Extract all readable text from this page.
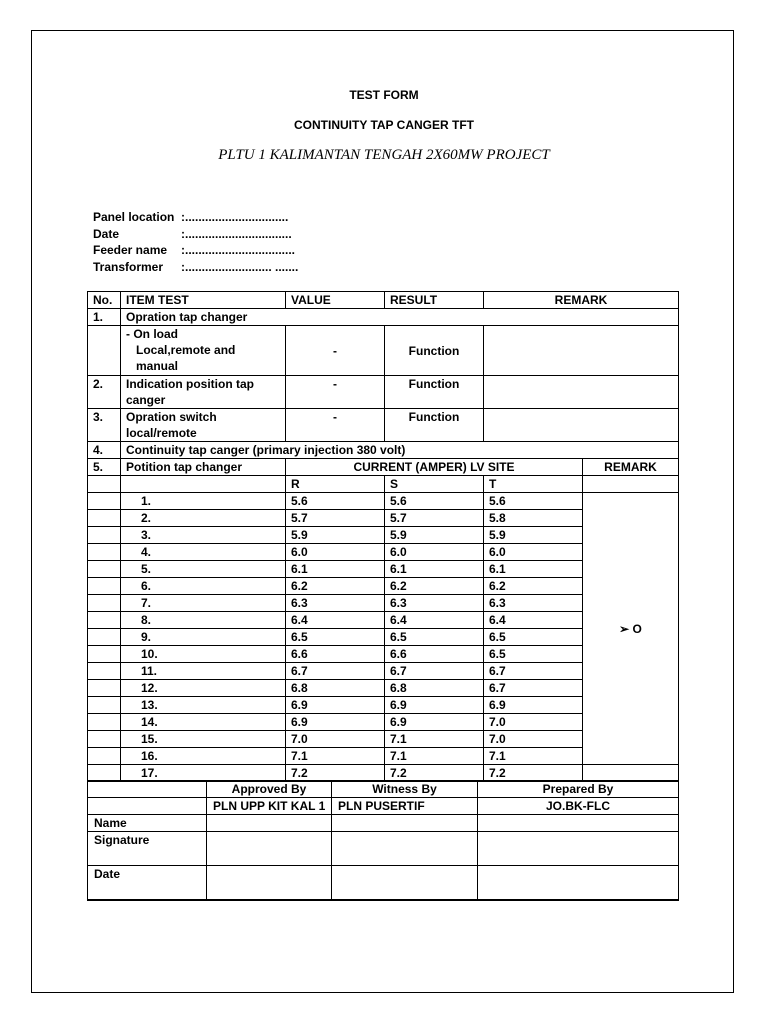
TEST FORM
CONTINUITY TAP CANGER TFT
PLTU 1 KALIMANTAN TENGAH 2X60MW PROJECT
Panel location :...............................
Date	:................................
Feeder name :.................................
Transformer :.......................... .......
No.	ITEM TEST	VALUE	RESULT	REMARK	
1.	Opration tap changer				

	- On load
Local,remote and
manual	-	Function		
2.	Indication position tap
canger	-	Function		
3.	Opration switch
local/remote	-	Function		
4.	Continuity tap canger (primary injection 380 volt)				
5.	Potition tap changer	CURRENT (AMPER) LV SITE			REMARK
		R	S	T	
	1.	5.6	5.6	5.6	➢ O
	2.	5.7	5.7	5.8	
	3.	5.9	5.9	5.9	
	4.	6.0	6.0	6.0	
	5.	6.1	6.1	6.1	
	6.	6.2	6.2	6.2	
	7.	6.3	6.3	6.3	
	8.	6.4	6.4	6.4	
	9.	6.5	6.5	6.5	
	10.	6.6	6.6	6.5	
	11.	6.7	6.7	6.7	
	12.	6.8	6.8	6.7	
	13.	6.9	6.9	6.9	
	14.	6.9	6.9	7.0	
	15.	7.0	7.1	7.0	
	16.	7.1	7.1	7.1	
	17.	7.2	7.2	7.2	
	Approved By	Witness By	Prepared By
	PLN UPP KIT KAL 1	PLN PUSERTIF	JO.BK-FLC
Name			
Signature			
Date			
